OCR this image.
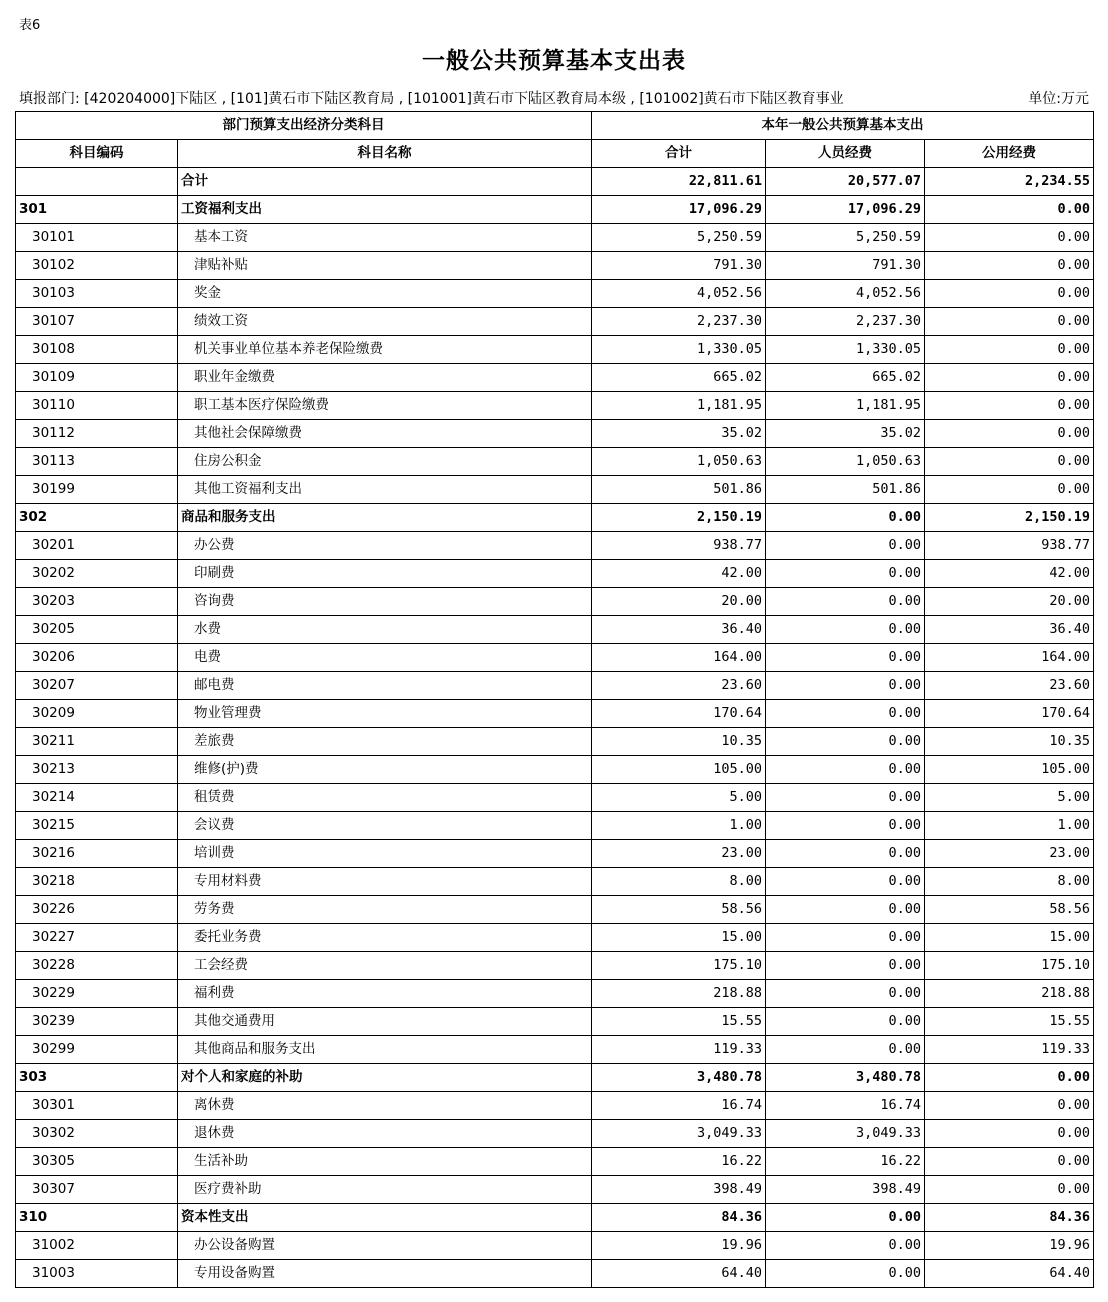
表6
一般公共预算基本支出表
填报部门: [420204000]下陆区 , [101]黄石市下陆区教育局 , [101001]黄石市下陆区教育局本级 , [101002]黄石市下陆区教育事业	单位:万元
部门预算支出经济分类科目		本年一般公共预算基本支出		
科目编码	科目名称	合计	人员经费	公用经费
	合计	22,811.61	20,577.07	2,234.55
301	工资福利支出	17,096.29	17,096.29	0.00
30101	基本工资	5,250.59	5,250.59	0.00
30102	津贴补贴	791.30	791.30	0.00
30103	奖金	4,052.56	4,052.56	0.00
30107	绩效工资	2,237.30	2,237.30	0.00
30108	机关事业单位基本养老保险缴费	1,330.05	1,330.05	0.00
30109	职业年金缴费	665.02	665.02	0.00
30110	职工基本医疗保险缴费	1,181.95	1,181.95	0.00
30112	其他社会保障缴费	35.02	35.02	0.00
30113	住房公积金	1,050.63	1,050.63	0.00
30199	其他工资福利支出	501.86	501.86	0.00
302	商品和服务支出	2,150.19	0.00	2,150.19
30201	办公费	938.77	0.00	938.77
30202	印刷费	42.00	0.00	42.00
30203	咨询费	20.00	0.00	20.00
30205	水费	36.40	0.00	36.40
30206	电费	164.00	0.00	164.00
30207	邮电费	23.60	0.00	23.60
30209	物业管理费	170.64	0.00	170.64
30211	差旅费	10.35	0.00	10.35
30213	维修(护)费	105.00	0.00	105.00
30214	租赁费	5.00	0.00	5.00
30215	会议费	1.00	0.00	1.00
30216	培训费	23.00	0.00	23.00
30218	专用材料费	8.00	0.00	8.00
30226	劳务费	58.56	0.00	58.56
30227	委托业务费	15.00	0.00	15.00
30228	工会经费	175.10	0.00	175.10
30229	福利费	218.88	0.00	218.88
30239	其他交通费用	15.55	0.00	15.55
30299	其他商品和服务支出	119.33	0.00	119.33
303	对个人和家庭的补助	3,480.78	3,480.78	0.00
30301	离休费	16.74	16.74	0.00
30302	退休费	3,049.33	3,049.33	0.00
30305	生活补助	16.22	16.22	0.00
30307	医疗费补助	398.49	398.49	0.00
310	资本性支出	84.36	0.00	84.36
31002	办公设备购置	19.96	0.00	19.96
31003	专用设备购置	64.40	0.00	64.40
